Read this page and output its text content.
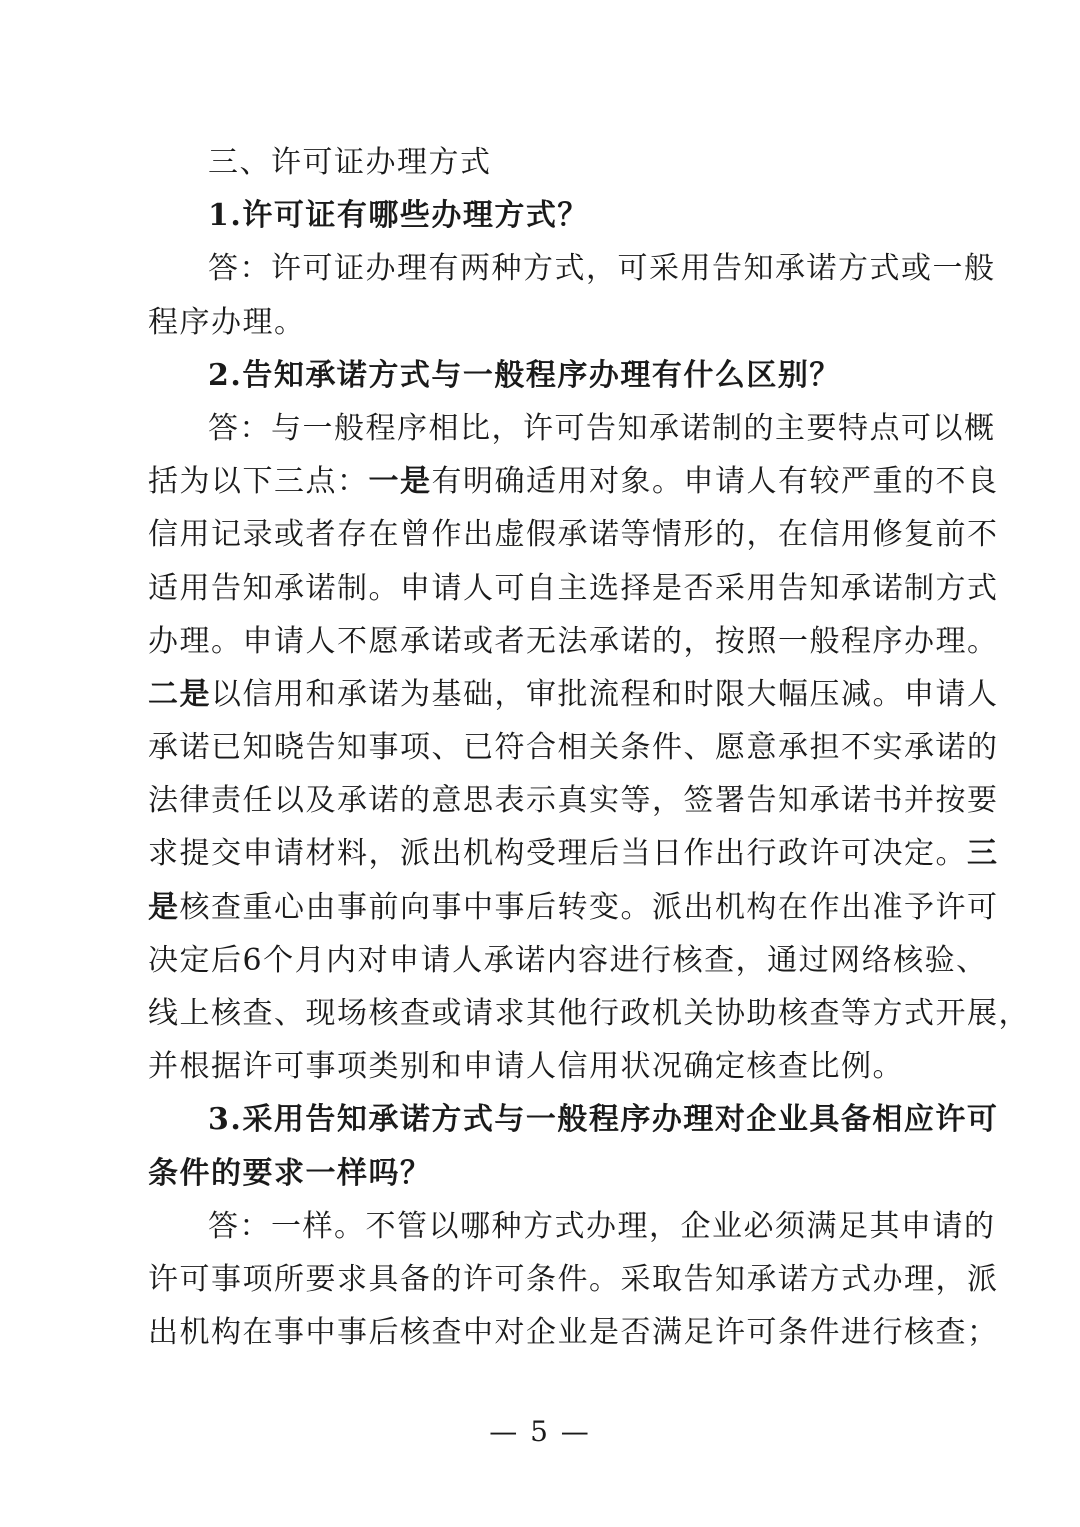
三、许可证办理方式
1.许可证有哪些办理方式？
答：许可证办理有两种方式，可采用告知承诺方式或一般
程序办理。
2.告知承诺方式与一般程序办理有什么区别？
答：与一般程序相比，许可告知承诺制的主要特点可以概
括为以下三点：一是有明确适用对象。申请人有较严重的不良
信用记录或者存在曾作出虚假承诺等情形的，在信用修复前不
适用告知承诺制。申请人可自主选择是否采用告知承诺制方式
办理。申请人不愿承诺或者无法承诺的，按照一般程序办理。
二是以信用和承诺为基础，审批流程和时限大幅压减。申请人
承诺已知晓告知事项、已符合相关条件、愿意承担不实承诺的
法律责任以及承诺的意思表示真实等，签署告知承诺书并按要
求提交申请材料，派出机构受理后当日作出行政许可决定。三
是核查重心由事前向事中事后转变。派出机构在作出准予许可
决定后6个月内对申请人承诺内容进行核查，通过网络核验、
线上核查、现场核查或请求其他行政机关协助核查等方式开展，
并根据许可事项类别和申请人信用状况确定核查比例。
3.采用告知承诺方式与一般程序办理对企业具备相应许可
条件的要求一样吗？
答：一样。不管以哪种方式办理，企业必须满足其申请的
许可事项所要求具备的许可条件。采取告知承诺方式办理，派
出机构在事中事后核查中对企业是否满足许可条件进行核查；
— 5 —
